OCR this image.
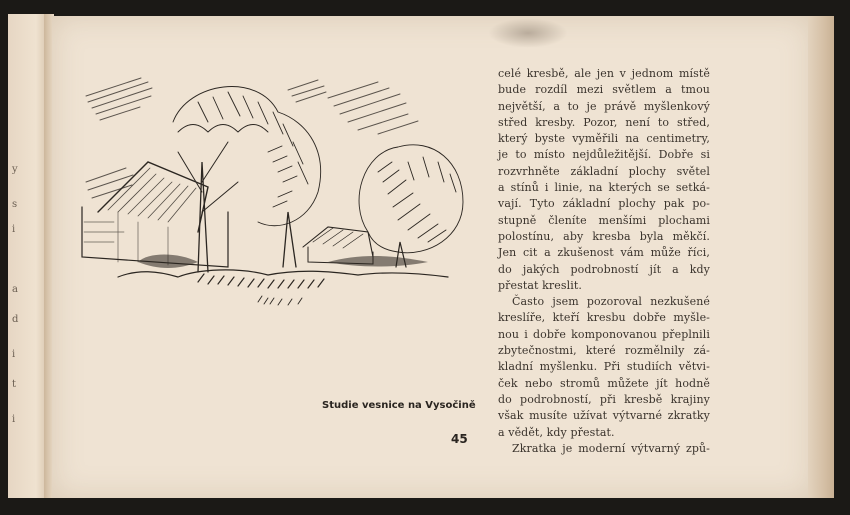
y
s
i
a
d
i
t
i
Studie vesnice na Vysočině
celé kresbě, ale jen v jednom místě
bude rozdíl mezi světlem a tmou
největší, a to je právě myšlenkový
střed kresby. Pozor, není to střed,
který byste vyměřili na centimetry,
je to místo nejdůležitější. Dobře si
rozvrhněte základní plochy světel
a stínů i linie, na kterých se setká-
vají. Tyto základní plochy pak po-
stupně členíte menšími plochami
polostínu, aby kresba byla měkčí.
Jen cit a zkušenost vám může říci,
do jakých podrobností jít a kdy
přestat kreslit.
Často jsem pozoroval nezkušené
kreslíře, kteří kresbu dobře myšle-
nou i dobře komponovanou přeplnili
zbytečnostmi, které rozmělnily zá-
kladní myšlenku. Při studiích větvi-
ček nebo stromů můžete jít hodně
do podrobností, při kresbě krajiny
však musíte užívat výtvarné zkratky
a vědět, kdy přestat.
Zkratka je moderní výtvarný způ-
45
